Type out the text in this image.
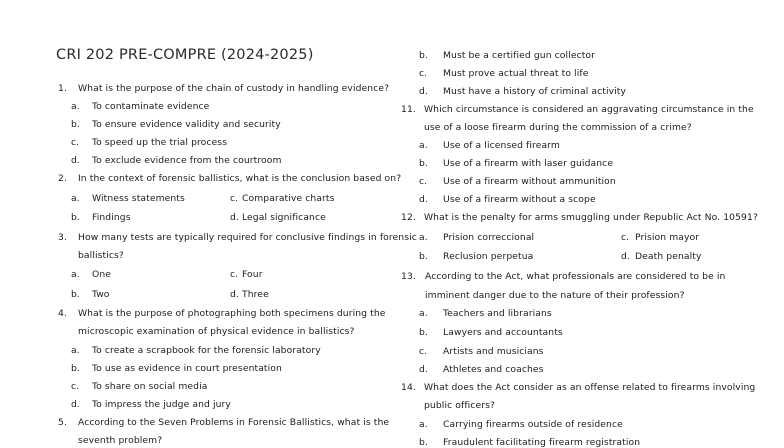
CRI 202 PRE-COMPRE (2024-2025)
1. What is the purpose of the chain of custody in handling evidence?
a. To contaminate evidence
b. To ensure evidence validity and security
c. To speed up the trial process
d. To exclude evidence from the courtroom
2. In the context of forensic ballistics, what is the conclusion based on?
a. Witness statements	c. Comparative charts
b. Findings	d. Legal significance
3. How many tests are typically required for conclusive findings in forensic
ballistics?
a. One	c. Four
b. Two	d. Three
4. What is the purpose of photographing both specimens during the
microscopic examination of physical evidence in ballistics?
a. To create a scrapbook for the forensic laboratory
b. To use as evidence in court presentation
c. To share on social media
d. To impress the judge and jury
5. According to the Seven Problems in Forensic Ballistics, what is the
seventh problem?
b. Must be a certified gun collector
c. Must prove actual threat to life
d. Must have a history of criminal activity
11. Which circumstance is considered an aggravating circumstance in the
use of a loose firearm during the commission of a crime?
a. Use of a licensed firearm
b. Use of a firearm with laser guidance
c. Use of a firearm without ammunition
d. Use of a firearm without a scope
12. What is the penalty for arms smuggling under Republic Act No. 10591?
a. Prision correccional	c. Prision mayor
b. Reclusion perpetua	d. Death penalty
13. According to the Act, what professionals are considered to be in
imminent danger due to the nature of their profession?
a. Teachers and librarians
b. Lawyers and accountants
c. Artists and musicians
d. Athletes and coaches
14. What does the Act consider as an offense related to firearms involving
public officers?
a. Carrying firearms outside of residence
b. Fraudulent facilitating firearm registration
